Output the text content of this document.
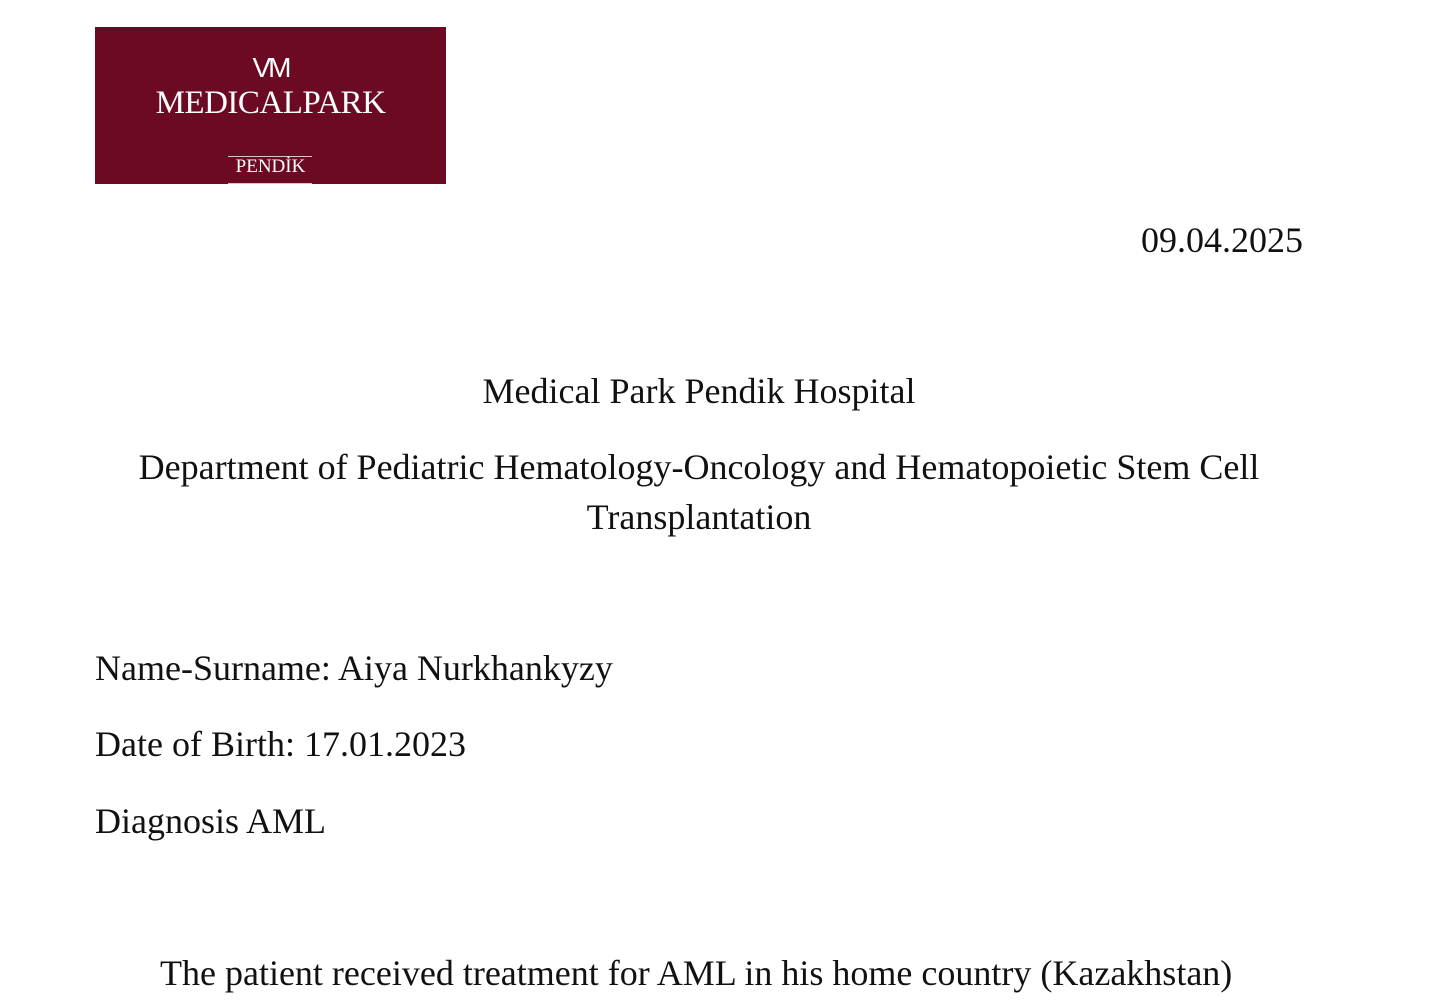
VM
MEDICALPARK
PENDİK
09.04.2025
Medical Park Pendik Hospital
Department of Pediatric Hematology-Oncology and Hematopoietic Stem Cell Transplantation
Name-Surname: Aiya Nurkhankyzy
Date of Birth: 17.01.2023
Diagnosis AML
The patient received treatment for AML in his home country (Kazakhstan)
